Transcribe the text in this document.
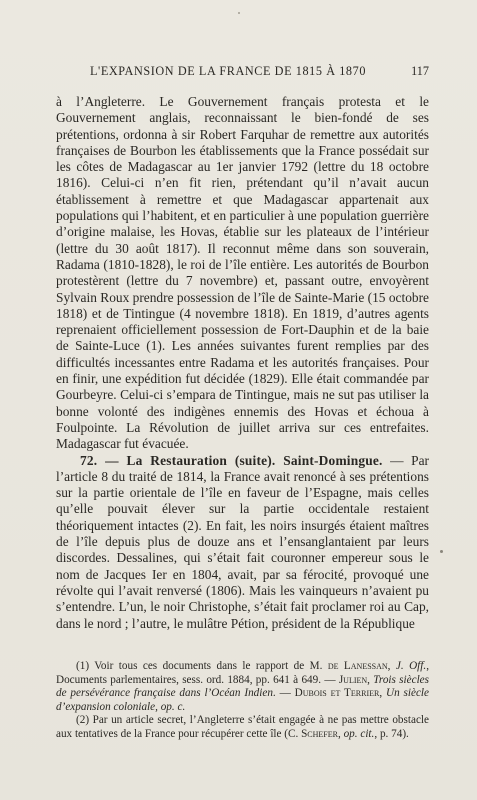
L'EXPANSION DE LA FRANCE DE 1815 À 1870	117

à l’Angleterre. Le Gouvernement français protesta et le Gouvernement anglais, reconnaissant le bien-fondé de ses prétentions, ordonna à sir Robert Farquhar de remettre aux autorités françaises de Bourbon les établissements que la France possédait sur les côtes de Madagascar au 1er janvier 1792 (lettre du 18 octobre 1816). Celui-ci n’en fit rien, prétendant qu’il n’avait aucun établissement à remettre et que Madagascar appartenait aux populations qui l’habitent, et en particulier à une population guerrière d’origine malaise, les Hovas, établie sur les plateaux de l’intérieur (lettre du 30 août 1817). Il reconnut même dans son souverain, Radama (1810-1828), le roi de l’île entière. Les autorités de Bourbon protestèrent (lettre du 7 novembre) et, passant outre, envoyèrent Sylvain Roux prendre possession de l’île de Sainte-Marie (15 octobre 1818) et de Tintingue (4 novembre 1818). En 1819, d’autres agents reprenaient officiellement possession de Fort-Dauphin et de la baie de Sainte-Luce (1). Les années suivantes furent remplies par des difficultés incessantes entre Radama et les autorités françaises. Pour en finir, une expédition fut décidée (1829). Elle était commandée par Gourbeyre. Celui-ci s’empara de Tintingue, mais ne sut pas utiliser la bonne volonté des indigènes ennemis des Hovas et échoua à Foulpointe. La Révolution de juillet arriva sur ces entrefaites. Madagascar fut évacuée.

72. — La Restauration (suite). Saint-Domingue. — Par l’article 8 du traité de 1814, la France avait renoncé à ses prétentions sur la partie orientale de l’île en faveur de l’Espagne, mais celles qu’elle pouvait élever sur la partie occidentale restaient théoriquement intactes (2). En fait, les noirs insurgés étaient maîtres de l’île depuis plus de douze ans et l’ensanglantaient par leurs discordes. Dessalines, qui s’était fait couronner empereur sous le nom de Jacques Ier en 1804, avait, par sa férocité, provoqué une révolte qui l’avait renversé (1806). Mais les vainqueurs n’avaient pu s’entendre. L’un, le noir Christophe, s’était fait proclamer roi au Cap, dans le nord ; l’autre, le mulâtre Pétion, président de la République

(1) Voir tous ces documents dans le rapport de M. de Lanessan, J. Off., Documents parlementaires, sess. ord. 1884, pp. 641 à 649. — Julien, Trois siècles de persévérance française dans l’Océan Indien. — Dubois et Terrier, Un siècle d’expansion coloniale, op. c.

(2) Par un article secret, l’Angleterre s’était engagée à ne pas mettre obstacle aux tentatives de la France pour récupérer cette île (C. Schefer, op. cit., p. 74).
